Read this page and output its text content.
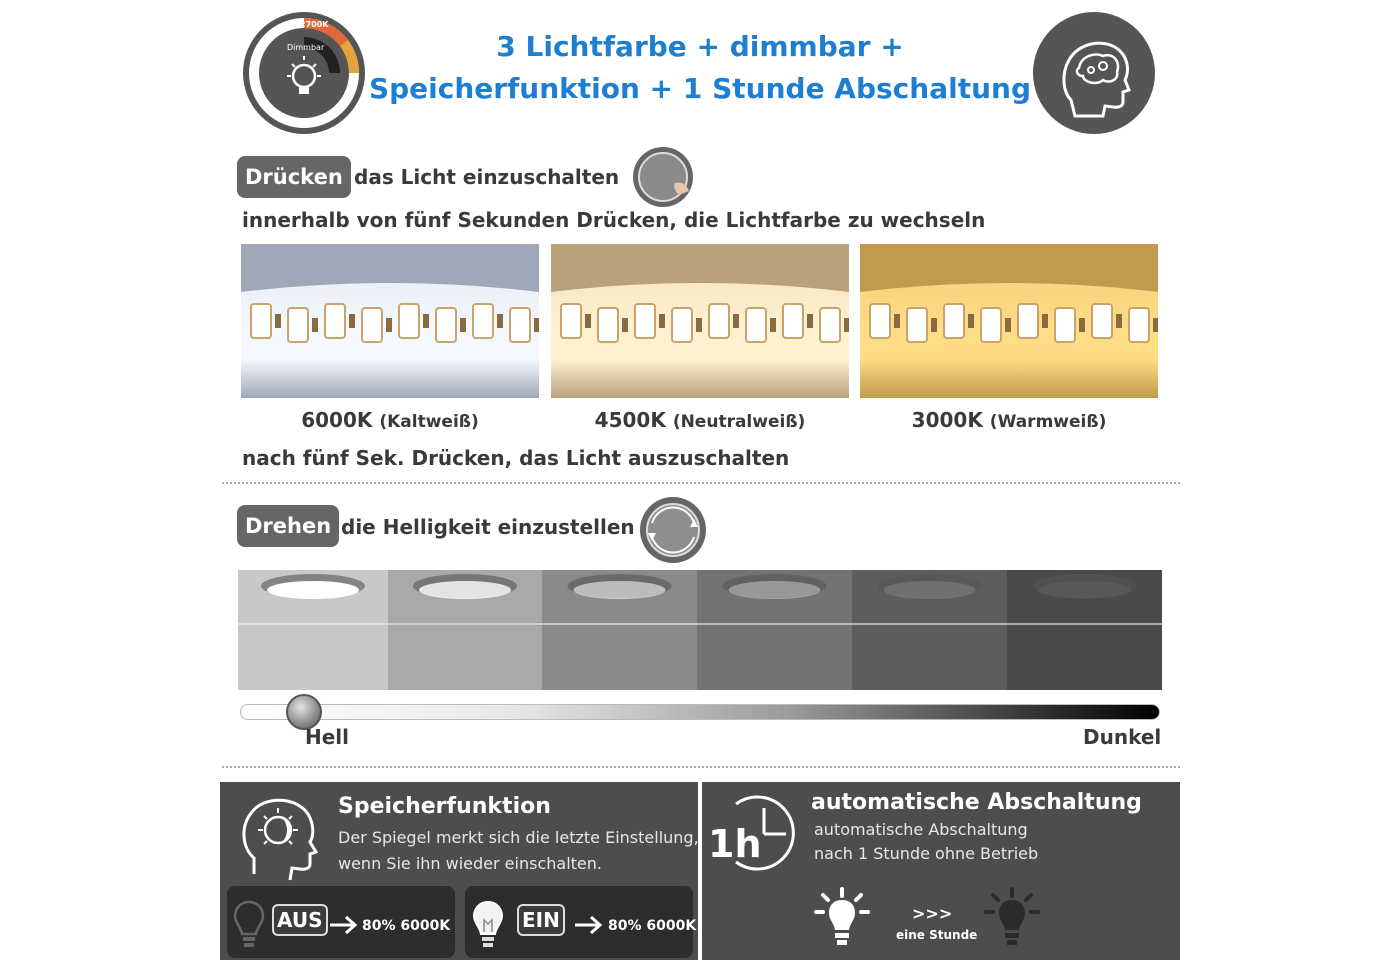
2700K
Dimmbar
6500K	4500K
3 Lichtfarbe + dimmbar +
Speicherfunktion + 1 Stunde Abschaltung
Drücken das Licht einzuschalten
innerhalb von fünf Sekunden Drücken, die Lichtfarbe zu wechseln
6000K (Kaltweiß)	4500K (Neutralweiß)	3000K (Warmweiß)
nach fünf Sek. Drücken, das Licht auszuschalten
Drehen die Helligkeit einzustellen
Hell	Dunkel
Speicherfunktion
Der Spiegel merkt sich die letzte Einstellung,
wenn Sie ihn wieder einschalten.
AUS	80% 6000K	EIN	80% 6000K
1h
automatische Abschaltung
automatische Abschaltung
nach 1 Stunde ohne Betrieb
>>>
eine Stunde
